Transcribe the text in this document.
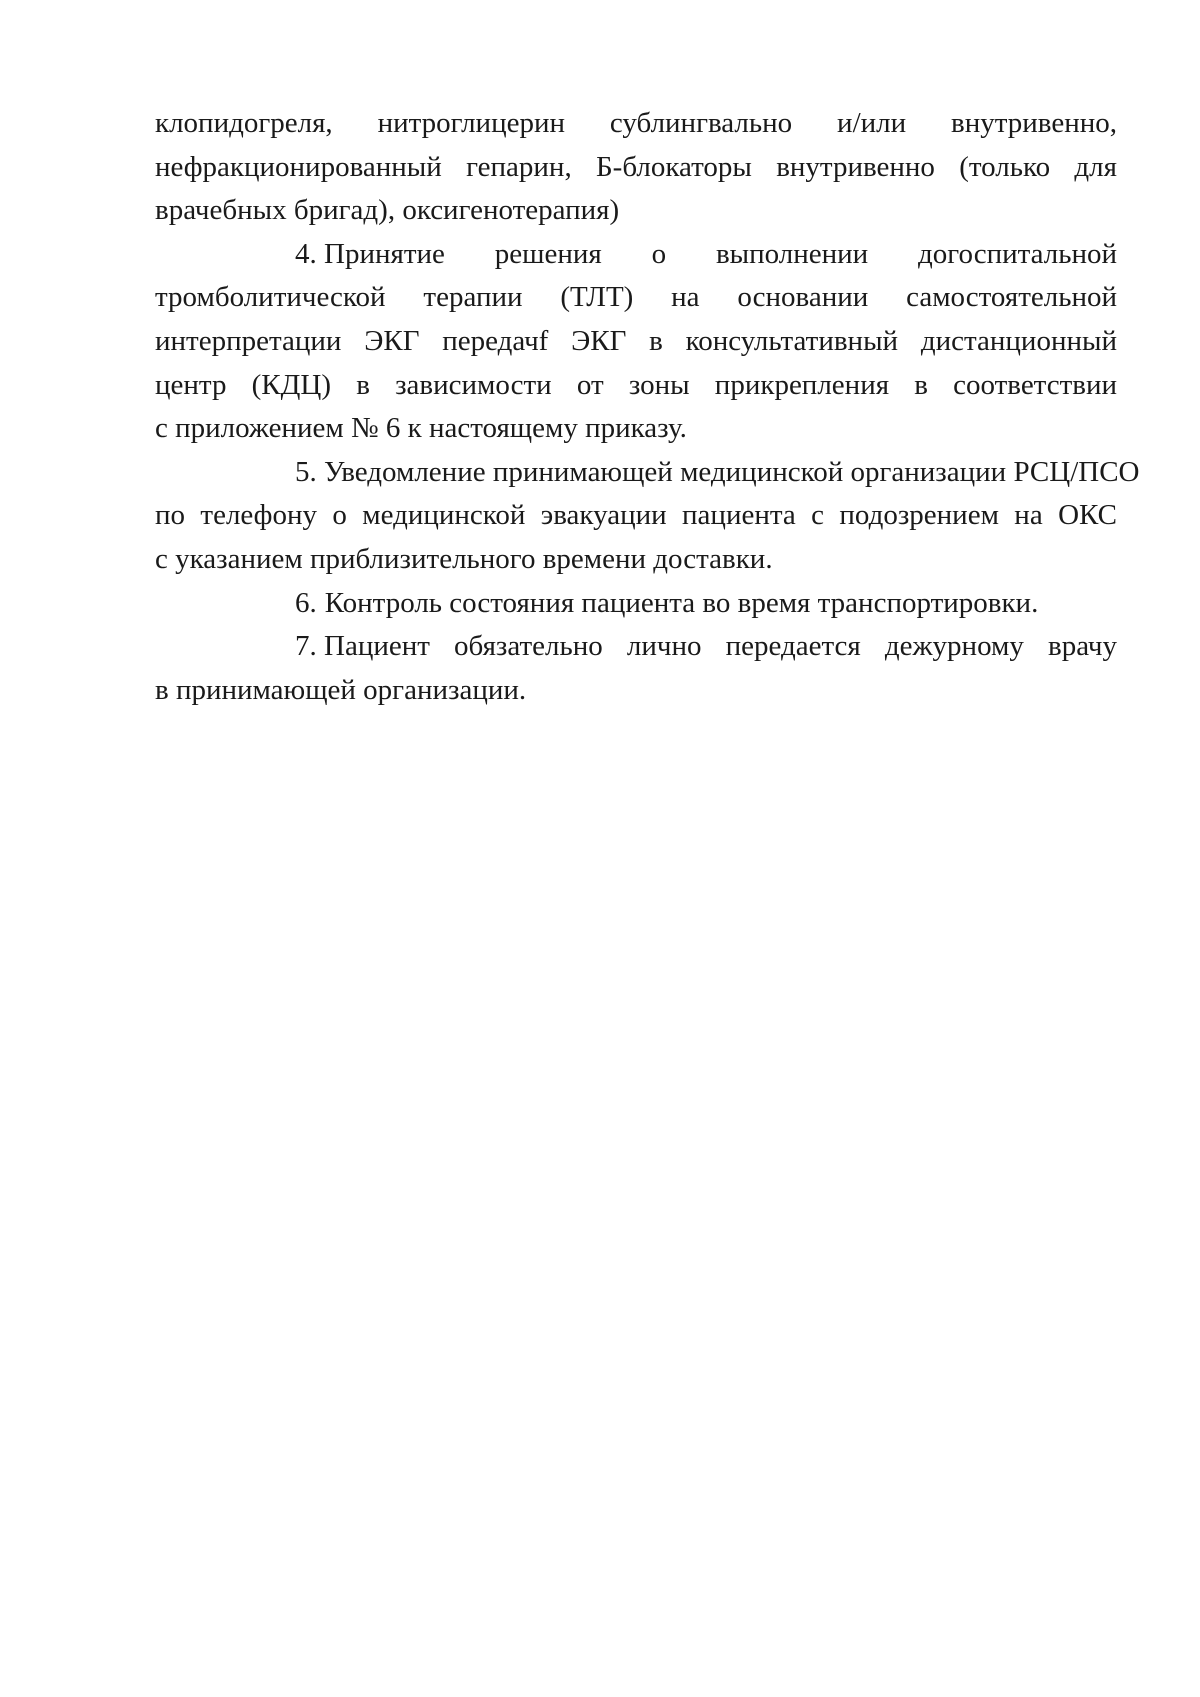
клопидогреля, нитроглицерин сублингвально и/или внутривенно,
нефракционированный гепарин, Б-блокаторы внутривенно (только для
врачебных бригад), оксигенотерапия)

4. Принятие решения о выполнении догоспитальной
тромболитической терапии (ТЛТ) на основании самостоятельной
интерпретации ЭКГ передачf ЭКГ в консультативный дистанционный
центр (КДЦ) в зависимости от зоны прикрепления в соответствии
с приложением № 6 к настоящему приказу.

5. Уведомление принимающей медицинской организации РСЦ/ПСО
по телефону о медицинской эвакуации пациента с подозрением на ОКС
с указанием приблизительного времени доставки.

6. Контроль состояния пациента во время транспортировки.

7. Пациент обязательно лично передается дежурному врачу
в принимающей организации.
